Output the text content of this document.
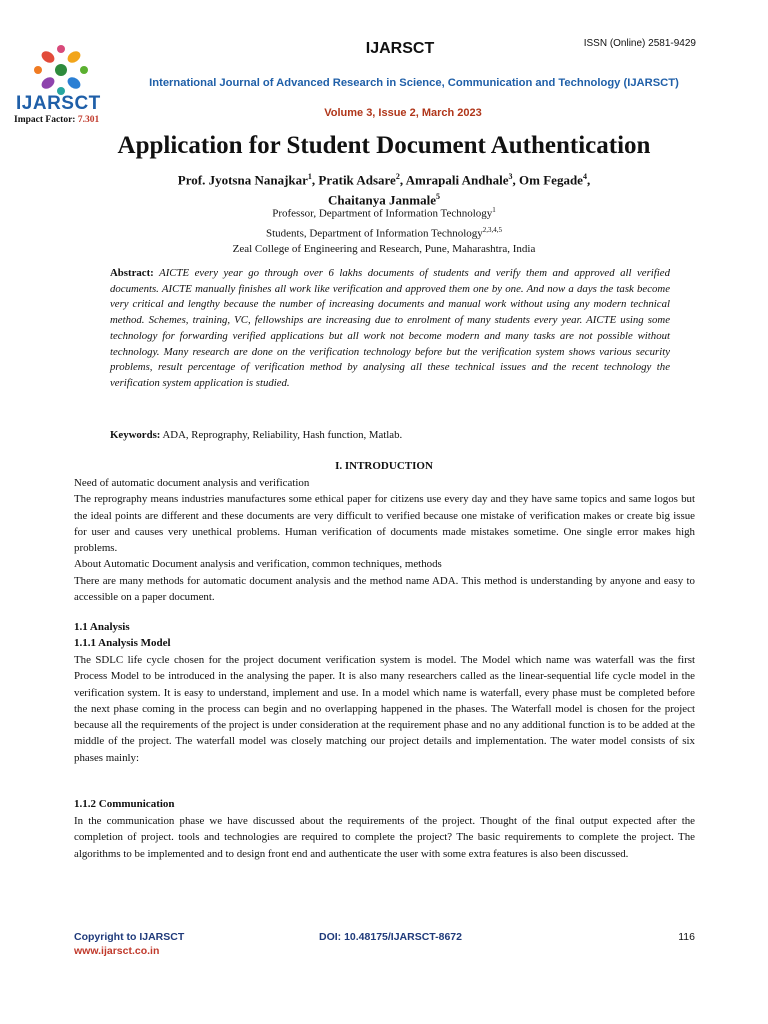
IJARSCT
Impact Factor: 7.301
IJARSCT	ISSN (Online) 2581-9429
International Journal of Advanced Research in Science, Communication and Technology (IJARSCT)
Volume 3, Issue 2, March 2023
Application for Student Document Authentication
Prof. Jyotsna Nanajkar$^1$, Pratik Adsare$^2$, Amrapali Andhale$^3$, Om Fegade$^4$,
Chaitanya Janmale$^5$
Professor, Department of Information Technology$^1$
Students, Department of Information Technology$^{2,3,4,5}$
Zeal College of Engineering and Research, Pune, Maharashtra, India
Abstract: AICTE every year go through over 6 lakhs documents of students and verify them and approved all verified documents. AICTE manually finishes all work like verification and approved them one by one. And now a days the task become very critical and lengthy because the number of increasing documents and manual work without using any modern technical method. Schemes, training, VC, fellowships are increasing due to enrolment of many students every year. AICTE using some technology for forwarding verified applications but all work not become modern and many tasks are not possible without technology. Many research are done on the verification technology before but the verification system shows various security problems, result percentage of verification method by analysing all these technical issues and the recent technology the verification system application is studied.
Keywords: ADA, Reprography, Reliability, Hash function, Matlab.
I. INTRODUCTION
Need of automatic document analysis and verification
The reprography means industries manufactures some ethical paper for citizens use every day and they have same topics and same logos but the ideal points are different and these documents are very difficult to verified because one mistake of verification makes or create big issue for user and causes very unethical problems. Human verification of documents made mistakes sometime. One single error makes high problems.
About Automatic Document analysis and verification, common techniques, methods
There are many methods for automatic document analysis and the method name ADA. This method is understanding by anyone and easy to accessible on a paper document.
1.1 Analysis
1.1.1 Analysis Model
The SDLC life cycle chosen for the project document verification system is model. The Model which name was waterfall was the first Process Model to be introduced in the analysing the paper. It is also many researchers called as the linear-sequential life cycle model in the verification system. It is easy to understand, implement and use. In a model which name is waterfall, every phase must be completed before the next phase coming in the process can begin and no overlapping happened in the phases. The Waterfall model is chosen for the project because all the requirements of the project is under consideration at the requirement phase and no any additional function is to be added at the middle of the project. The waterfall model was closely matching our project details and implementation. The water model consists of six phases mainly:
1.1.2 Communication
In the communication phase we have discussed about the requirements of the project. Thought of the final output expected after the completion of project. tools and technologies are required to complete the project? The basic requirements to complete the project. The algorithms to be implemented and to design front end and authenticate the user with some extra features is also been discussed.
Copyright to IJARSCT
www.ijarsct.co.in
DOI: 10.48175/IJARSCT-8672	116
